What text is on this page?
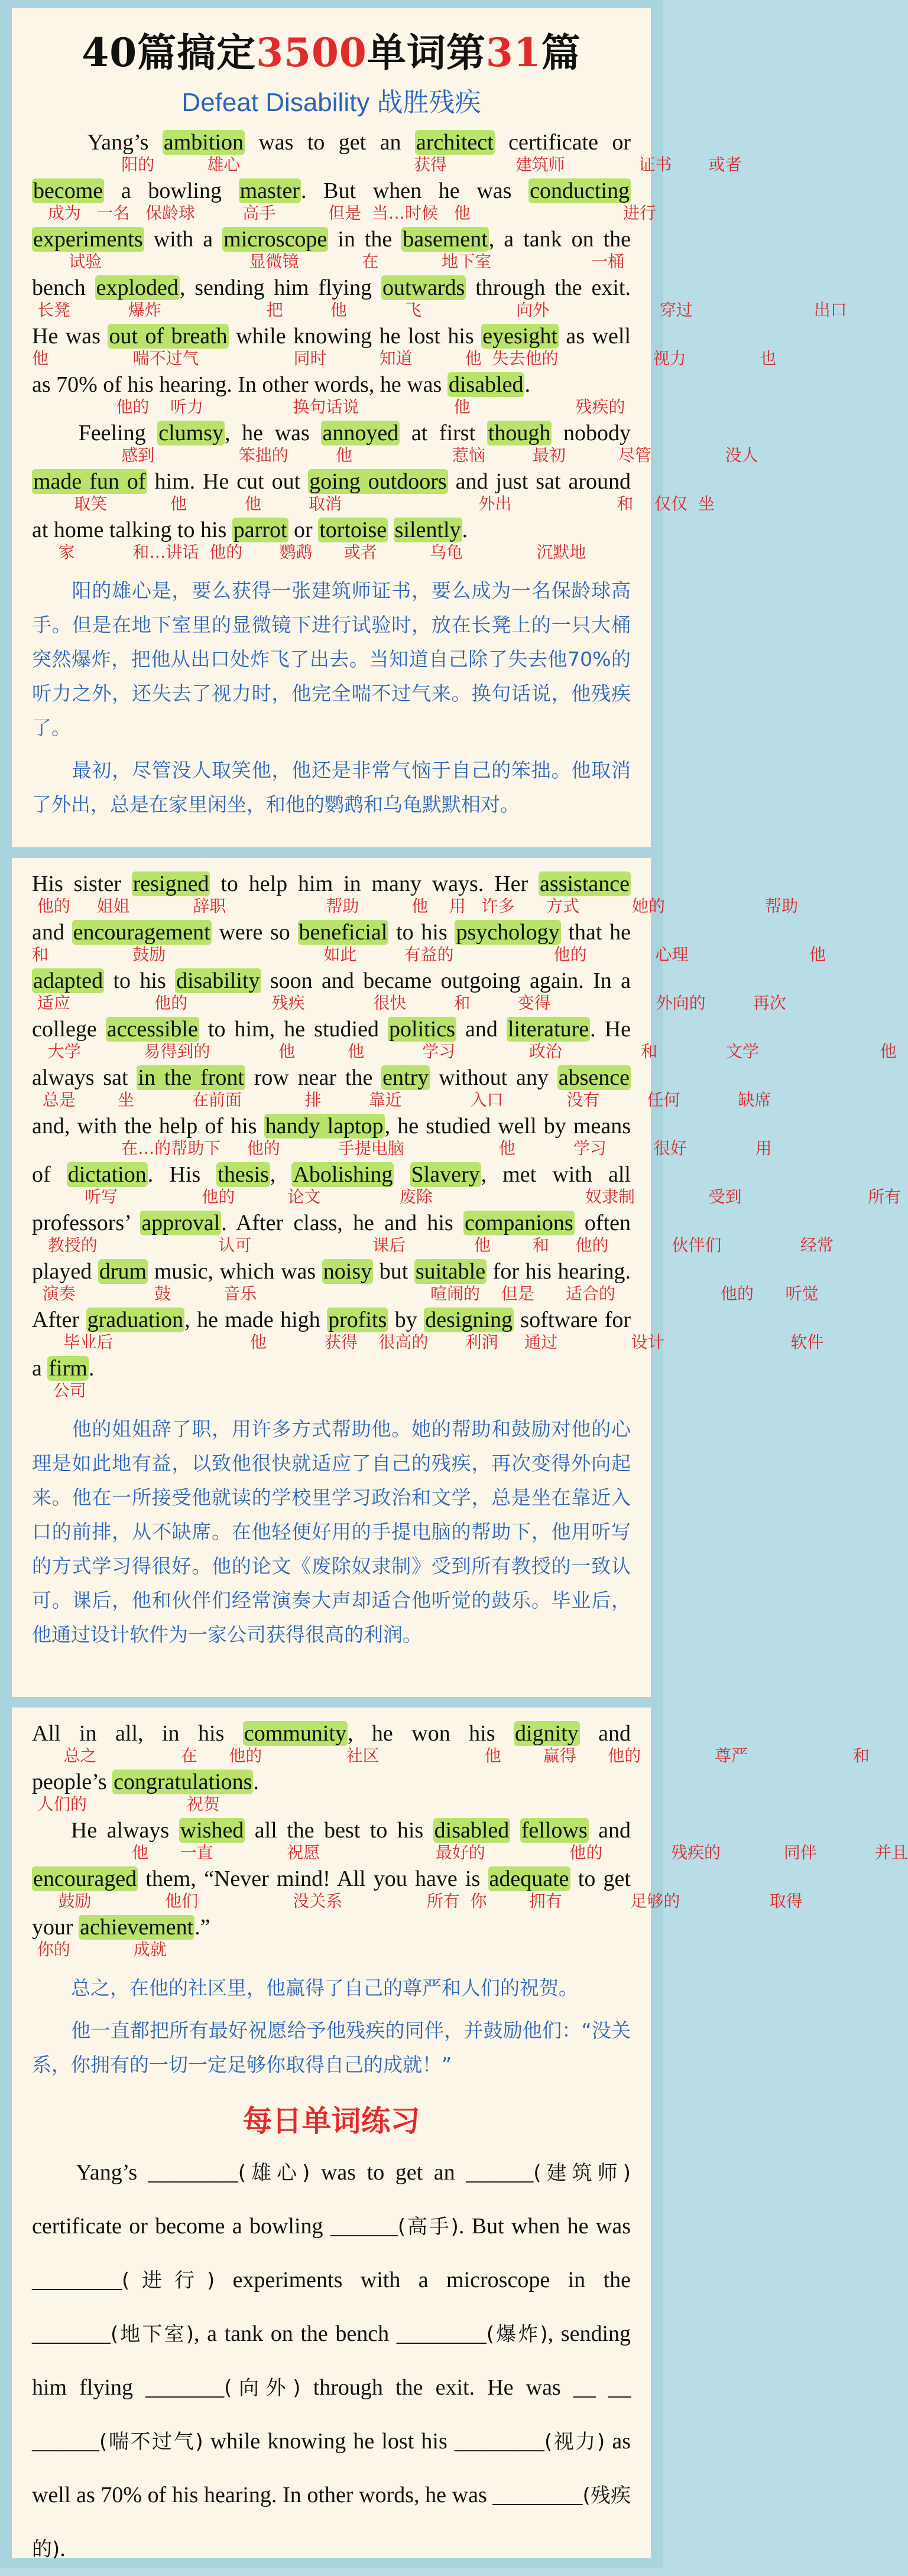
40篇搞定3500单词第31篇
Defeat Disability 战胜残疾
Yang’s ambition was to get an architect certificate or
阳的          雄心                                 获得             建筑师              证书       或者
become a bowling master. But when he was conducting
成为   一名   保龄球         高手          但是  当…时候   他                             进行
experiments with a microscope in the basement, a tank on the
试验                            显微镜            在            地下室                   一桶
bench exploded, sending him flying outwards through the exit.
长凳           爆炸                    把         他           飞                  向外                     穿过                       出口
He was out of breath while knowing he lost his eyesight as well
他                喘不过气                  同时          知道          他  失去他的                  视力              也
as 70% of his hearing. In other words, he was disabled.
他的    听力                 换句话说                  他                    残疾的
Feeling clumsy, he was annoyed at first though nobody
感到                笨拙的         他                   惹恼         最初          尽管              没人
made fun of him. He cut out going outdoors and just sat around
取笑            他           他         取消                          外出                    和    仅仅  坐
at home talking to his parrot or tortoise silently.
家           和…讲话  他的       鹦鹉      或者          乌龟              沉默地
　　阳的雄心是，要么获得一张建筑师证书，要么成为一名保龄球高手。但是在地下室里的显微镜下进行试验时，放在长凳上的一只大桶突然爆炸，把他从出口处炸飞了出去。当知道自己除了失去他70%的听力之外，还失去了视力时，他完全喘不过气来。换句话说，他残疾了。
　　最初，尽管没人取笑他，他还是非常气恼于自己的笨拙。他取消了外出，总是在家里闲坐，和他的鹦鹉和乌龟默默相对。
His sister resigned to help him in many ways. Her assistance
他的     姐姐            辞职                   帮助          他    用   许多      方式          她的                   帮助
and encouragement were so beneficial to his psychology that he
和                鼓励                              如此         有益的                   他的             心理                       他
adapted to his disability soon and became outgoing again. In a
适应                他的                残疾             很快         和         变得                    外向的         再次
college accessible to him, he studied politics and literature. He
大学            易得到的             他          他           学习              政治               和             文学                       他
always sat in the front row near the entry without any absence
总是        坐           在前面            排         靠近             入口            没有         任何           缺席
and, with the help of his handy laptop, he studied well by means
在…的帮助下     他的           手提电脑                  他           学习         很好             用
of dictation. His thesis, Abolishing Slavery, met with all
听写                他的          论文               废除                             奴隶制              受到                        所有
professors’ approval. After class, he and his companions often
教授的                       认可                       课后             他        和     他的            伙伴们               经常
played drum music, which was noisy but suitable for his hearing.
演奏               鼓          音乐                                 喧闹的    但是      适合的                    他的      听觉
After graduation, he made high profits by designing software for
毕业后                          他           获得    很高的       利润     通过              设计                        软件
a firm.
公司
　　他的姐姐辞了职，用许多方式帮助他。她的帮助和鼓励对他的心理是如此地有益，以致他很快就适应了自己的残疾，再次变得外向起来。他在一所接受他就读的学校里学习政治和文学，总是坐在靠近入口的前排，从不缺席。在他轻便好用的手提电脑的帮助下，他用听写的方式学习得很好。他的论文《废除奴隶制》受到所有教授的一致认可。课后，他和伙伴们经常演奏大声却适合他听觉的鼓乐。毕业后，他通过设计软件为一家公司获得很高的利润。
All in all, in his community, he won his dignity and
总之                在      他的                社区                    他        赢得      他的              尊严                    和
people’s congratulations.
人们的                   祝贺
He always wished all the best to his disabled fellows and
他      一直              祝愿                      最好的                他的             残疾的            同伴           并且
encouraged them, “Never mind! All you have is adequate to get
鼓励              他们                  没关系                所有  你        拥有             足够的                 取得
your achievement.”
你的            成就
　　总之，在他的社区里，他赢得了自己的尊严和人们的祝贺。
　　他一直都把所有最好祝愿给予他残疾的同伴，并鼓励他们：“没关系，你拥有的一切一定足够你取得自己的成就！”
每日单词练习
Yang’s ________(雄心) was to get an ______(建筑师) certificate or become a bowling ______(高手). But when he was ________(进行) experiments with a microscope in the _______(地下室), a tank on the bench ________(爆炸), sending him flying _______(向外) through the exit. He was __ __ ______(喘不过气) while knowing he lost his ________(视力) as well as 70% of his hearing. In other words, he was ________(残疾的).
